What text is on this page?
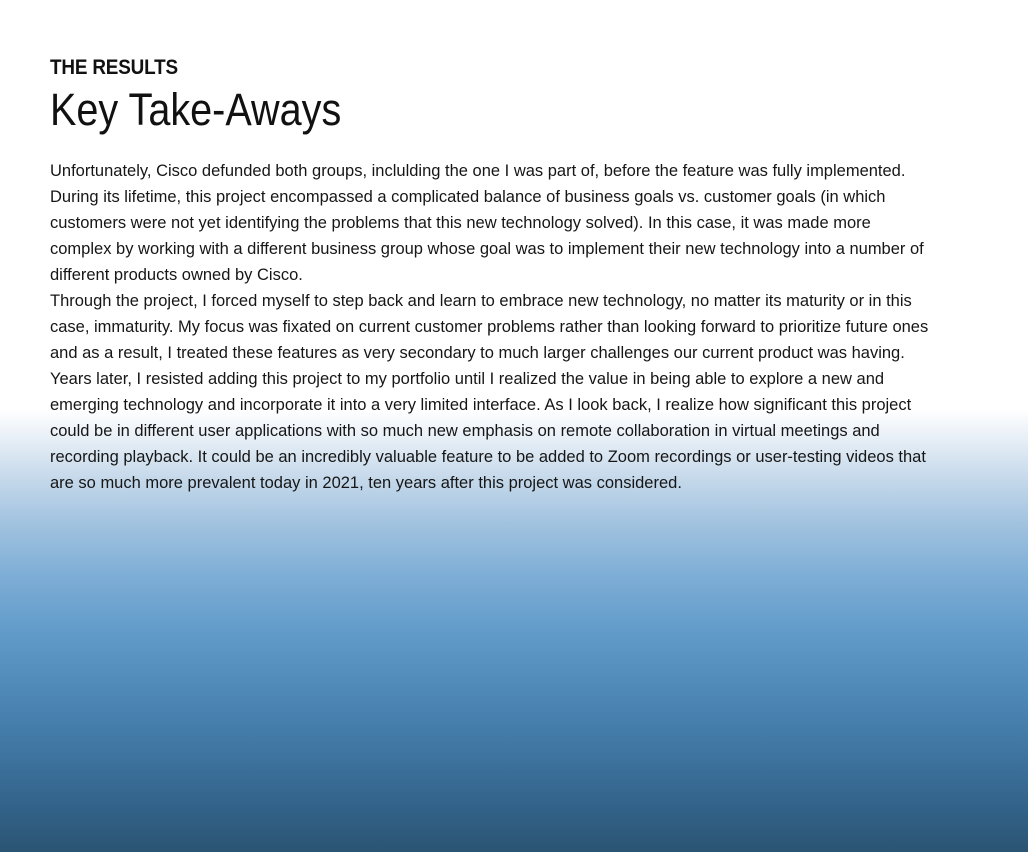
THE RESULTS
Key Take-Aways

Unfortunately, Cisco defunded both groups, inclulding the one I was part of, before the feature was fully implemented. During its lifetime, this project encompassed a complicated balance of business goals vs. customer goals (in which customers were not yet identifying the problems that this new technology solved). In this case, it was made more complex by working with a different business group whose goal was to implement their new technology into a number of different products owned by Cisco.

Through the project, I forced myself to step back and learn to embrace new technology, no matter its maturity or in this case, immaturity. My focus was fixated on current customer problems rather than looking forward to prioritize future ones and as a result, I treated these features as very secondary to much larger challenges our current product was having. Years later, I resisted adding this project to my portfolio until I realized the value in being able to explore a new and emerging technology and incorporate it into a very limited interface. As I look back, I realize how significant this project could be in different user applications with so much new emphasis on remote collaboration in virtual meetings and recording playback. It could be an incredibly valuable feature to be added to Zoom recordings or user-testing videos that are so much more prevalent today in 2021, ten years after this project was considered.
